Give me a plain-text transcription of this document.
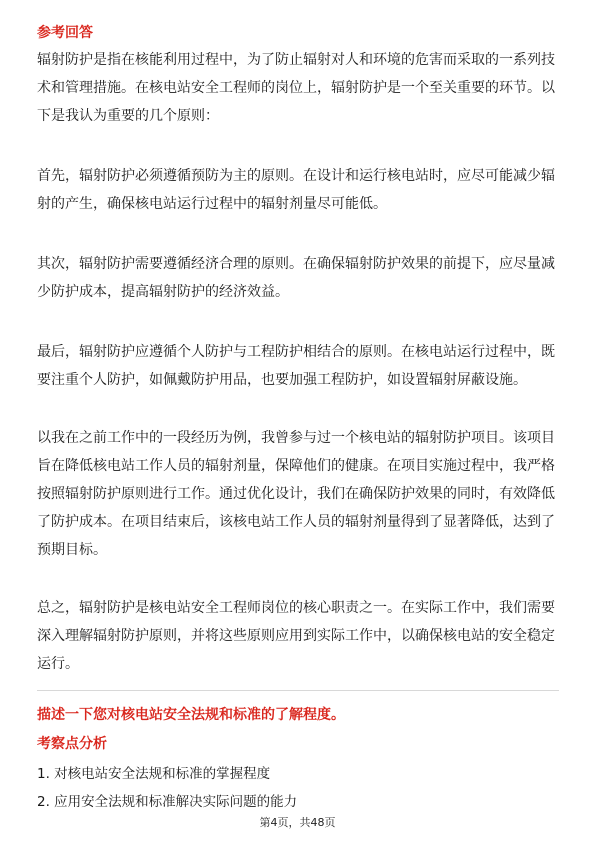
参考回答

辐射防护是指在核能利用过程中，为了防止辐射对人和环境的危害而采取的一系列技术和管理措施。在核电站安全工程师的岗位上，辐射防护是一个至关重要的环节。以下是我认为重要的几个原则：

首先，辐射防护必须遵循预防为主的原则。在设计和运行核电站时，应尽可能减少辐射的产生，确保核电站运行过程中的辐射剂量尽可能低。

其次，辐射防护需要遵循经济合理的原则。在确保辐射防护效果的前提下，应尽量减少防护成本，提高辐射防护的经济效益。

最后，辐射防护应遵循个人防护与工程防护相结合的原则。在核电站运行过程中，既要注重个人防护，如佩戴防护用品，也要加强工程防护，如设置辐射屏蔽设施。

以我在之前工作中的一段经历为例，我曾参与过一个核电站的辐射防护项目。该项目旨在降低核电站工作人员的辐射剂量，保障他们的健康。在项目实施过程中，我严格按照辐射防护原则进行工作。通过优化设计，我们在确保防护效果的同时，有效降低了防护成本。在项目结束后，该核电站工作人员的辐射剂量得到了显著降低，达到了预期目标。

总之，辐射防护是核电站安全工程师岗位的核心职责之一。在实际工作中，我们需要深入理解辐射防护原则，并将这些原则应用到实际工作中，以确保核电站的安全稳定运行。

描述一下您对核电站安全法规和标准的了解程度。
考察点分析
1. 对核电站安全法规和标准的掌握程度
2. 应用安全法规和标准解决实际问题的能力
第4页，共48页
